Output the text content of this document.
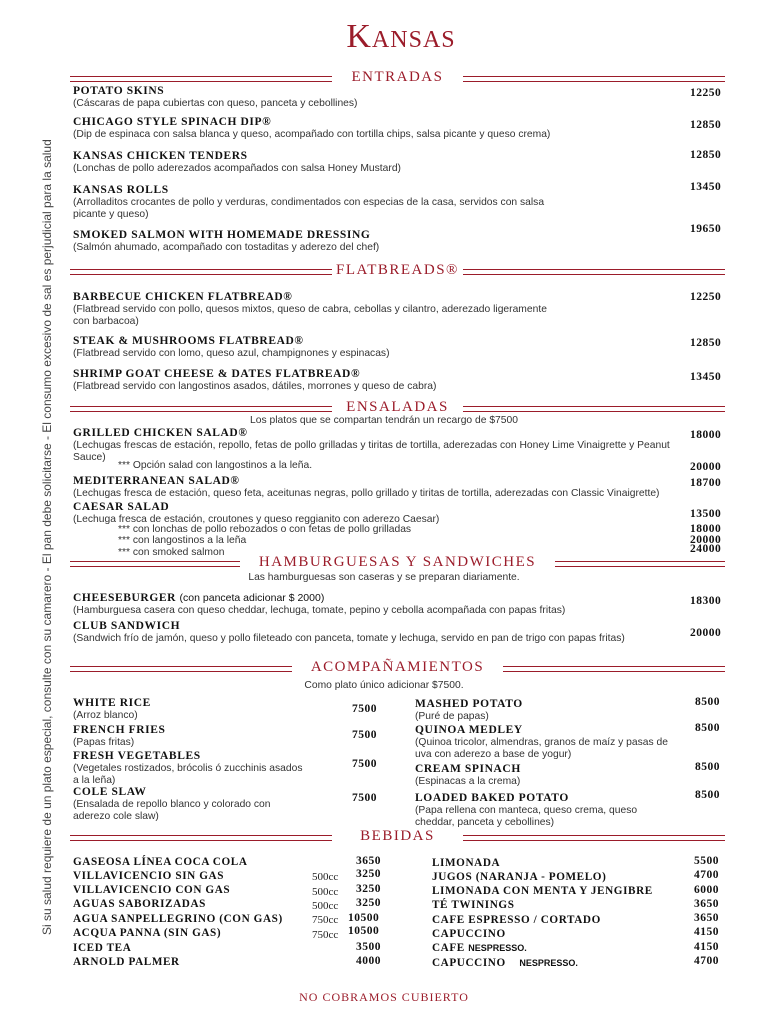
Kansas
Si su salud requiere de un plato especial, consulte con su camarero - El pan debe solicitarse - El consumo excesivo de sal es perjudicial para la salud
ENTRADAS
FLATBREADS®
ENSALADAS
Los platos que se compartan tendrán un recargo de $7500
HAMBURGUESAS Y SANDWICHES
Las hamburguesas son caseras y se preparan diariamente.
ACOMPAÑAMIENTOS
Como plato único adicionar $7500.
BEBIDAS
POTATO SKINS
(Cáscaras de papa cubiertas con queso, panceta y cebollines)
12250
CHICAGO STYLE SPINACH DIP®
(Dip de espinaca con salsa blanca y queso, acompañado con tortilla chips, salsa picante y queso crema)
12850
KANSAS CHICKEN TENDERS
(Lonchas de pollo aderezados acompañados con salsa Honey Mustard)
12850
KANSAS ROLLS
(Arrolladitos crocantes de pollo y verduras, condimentados con especias de la casa, servidos con salsa picante y queso)
13450
SMOKED SALMON WITH HOMEMADE DRESSING
(Salmón ahumado, acompañado con tostaditas y aderezo del chef)
19650
BARBECUE CHICKEN FLATBREAD®
(Flatbread servido con pollo, quesos mixtos, queso de cabra, cebollas y cilantro, aderezado ligeramente con barbacoa)
12250
STEAK & MUSHROOMS FLATBREAD®
(Flatbread servido con lomo, queso azul, champignones y espinacas)
12850
SHRIMP GOAT CHEESE & DATES FLATBREAD®
(Flatbread servido con langostinos asados, dátiles, morrones y queso de cabra)
13450
GRILLED CHICKEN SALAD®
(Lechugas frescas de estación, repollo, fetas de pollo grilladas y tiritas de tortilla, aderezadas con Honey Lime Vinaigrette y Peanut Sauce)
18000
*** Opción salad con langostinos a la leña.	20000
MEDITERRANEAN SALAD®
(Lechugas fresca de estación, queso feta, aceitunas negras, pollo grillado y tiritas de tortilla, aderezadas con Classic Vinaigrette)
18700
CAESAR SALAD
(Lechuga fresca de estación, croutones y queso reggianito con aderezo Caesar)	13500
*** con lonchas de pollo rebozados o con fetas de pollo grilladas	18000
*** con langostinos a la leña	20000
*** con smoked salmon	24000
CHEESEBURGER (con panceta adicionar $ 2000)
(Hamburguesa casera con queso cheddar, lechuga, tomate, pepino y cebolla acompañada con papas fritas)
18300
CLUB SANDWICH
(Sandwich frío de jamón, queso y pollo fileteado con panceta, tomate y lechuga, servido en pan de trigo con papas fritas)	20000
WHITE RICE
(Arroz blanco)
7500
FRENCH FRIES
(Papas fritas)
7500
FRESH VEGETABLES
(Vegetales rostizados, brócolis ó zucchinis asados a la leña)
7500
COLE SLAW
(Ensalada de repollo blanco y colorado con aderezo cole slaw)
7500
MASHED POTATO
(Puré de papas)
8500
QUINOA MEDLEY
(Quinoa tricolor, almendras, granos de maíz y pasas de uva con aderezo a base de yogur)
8500
CREAM SPINACH
(Espinacas a la crema)
8500
LOADED BAKED POTATO
(Papa rellena con manteca, queso crema, queso cheddar, panceta y cebollines)
8500
GASEOSA LÍNEA COCA COLA	3650
VILLAVICENCIO SIN GAS	500cc 3250
VILLAVICENCIO CON GAS	500cc 3250
AGUAS SABORIZADAS	500cc 3250
AGUA SANPELLEGRINO (CON GAS)	750cc 10500
ACQUA PANNA (SIN GAS)	750cc 10500
ICED TEA	3500
ARNOLD PALMER	4000
LIMONADA	5500
JUGOS (NARANJA - POMELO)	4700
LIMONADA CON MENTA Y JENGIBRE	6000
TÉ TWININGS	3650
CAFE ESPRESSO / CORTADO	3650
CAPUCCINO	4150
CAFE NESPRESSO.	4150
CAPUCCINO NESPRESSO.	4700
NO COBRAMOS CUBIERTO
